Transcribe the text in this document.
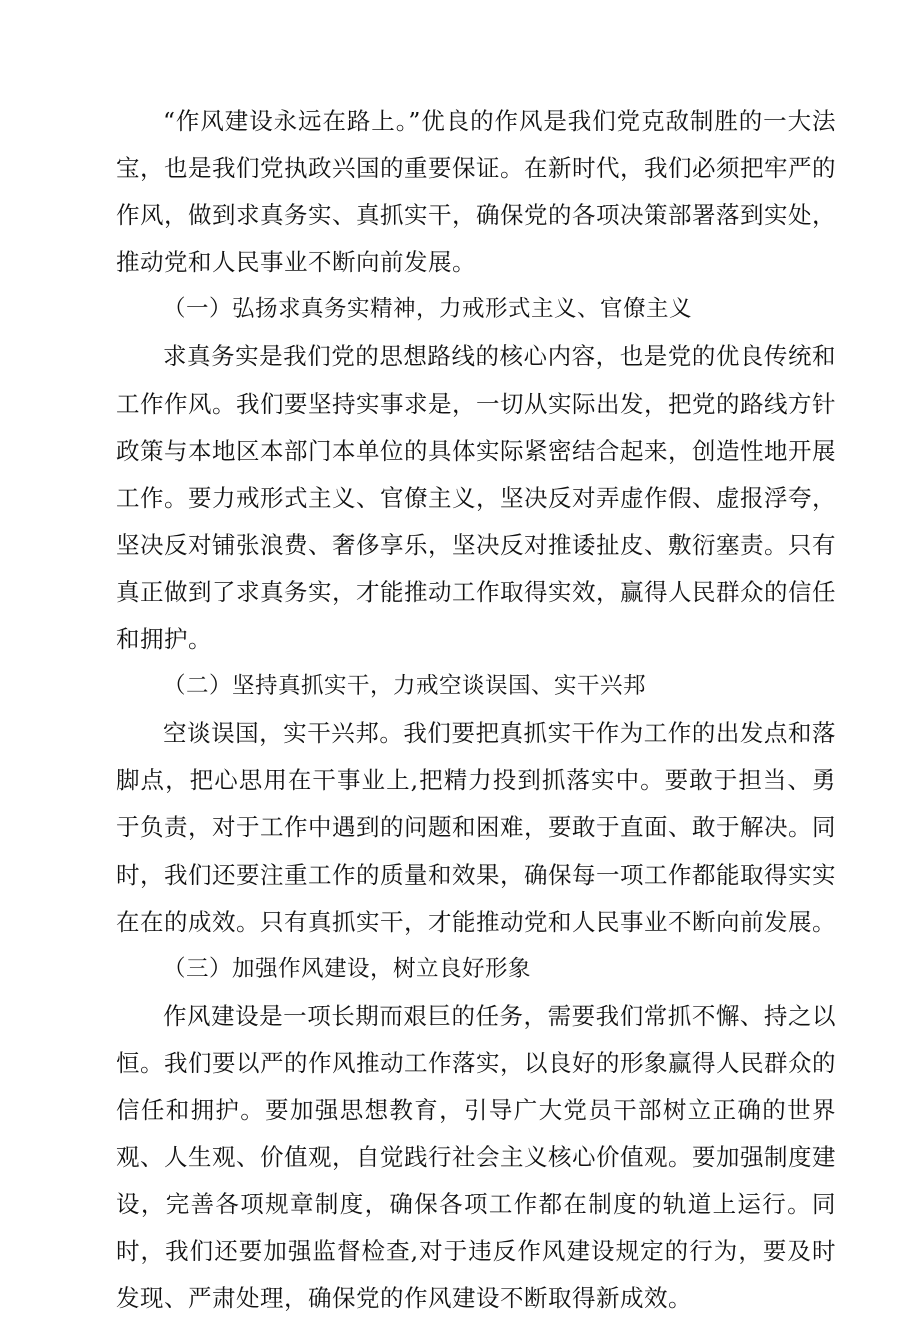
“作风建设永远在路上。”优良的作风是我们党克敌制胜的一大法宝，也是我们党执政兴国的重要保证。在新时代，我们必须把牢严的作风，做到求真务实、真抓实干，确保党的各项决策部署落到实处，推动党和人民事业不断向前发展。

（一）弘扬求真务实精神，力戒形式主义、官僚主义

求真务实是我们党的思想路线的核心内容，也是党的优良传统和工作作风。我们要坚持实事求是，一切从实际出发，把党的路线方针政策与本地区本部门本单位的具体实际紧密结合起来，创造性地开展工作。要力戒形式主义、官僚主义，坚决反对弄虚作假、虚报浮夸，坚决反对铺张浪费、奢侈享乐，坚决反对推诿扯皮、敷衍塞责。只有真正做到了求真务实，才能推动工作取得实效，赢得人民群众的信任和拥护。

（二）坚持真抓实干，力戒空谈误国、实干兴邦

空谈误国，实干兴邦。我们要把真抓实干作为工作的出发点和落脚点，把心思用在干事业上,把精力投到抓落实中。要敢于担当、勇于负责，对于工作中遇到的问题和困难，要敢于直面、敢于解决。同时，我们还要注重工作的质量和效果，确保每一项工作都能取得实实在在的成效。只有真抓实干，才能推动党和人民事业不断向前发展。

（三）加强作风建设，树立良好形象

作风建设是一项长期而艰巨的任务，需要我们常抓不懈、持之以恒。我们要以严的作风推动工作落实，以良好的形象赢得人民群众的信任和拥护。要加强思想教育，引导广大党员干部树立正确的世界观、人生观、价值观，自觉践行社会主义核心价值观。要加强制度建设，完善各项规章制度，确保各项工作都在制度的轨道上运行。同时，我们还要加强监督检查,对于违反作风建设规定的行为，要及时发现、严肃处理，确保党的作风建设不断取得新成效。
